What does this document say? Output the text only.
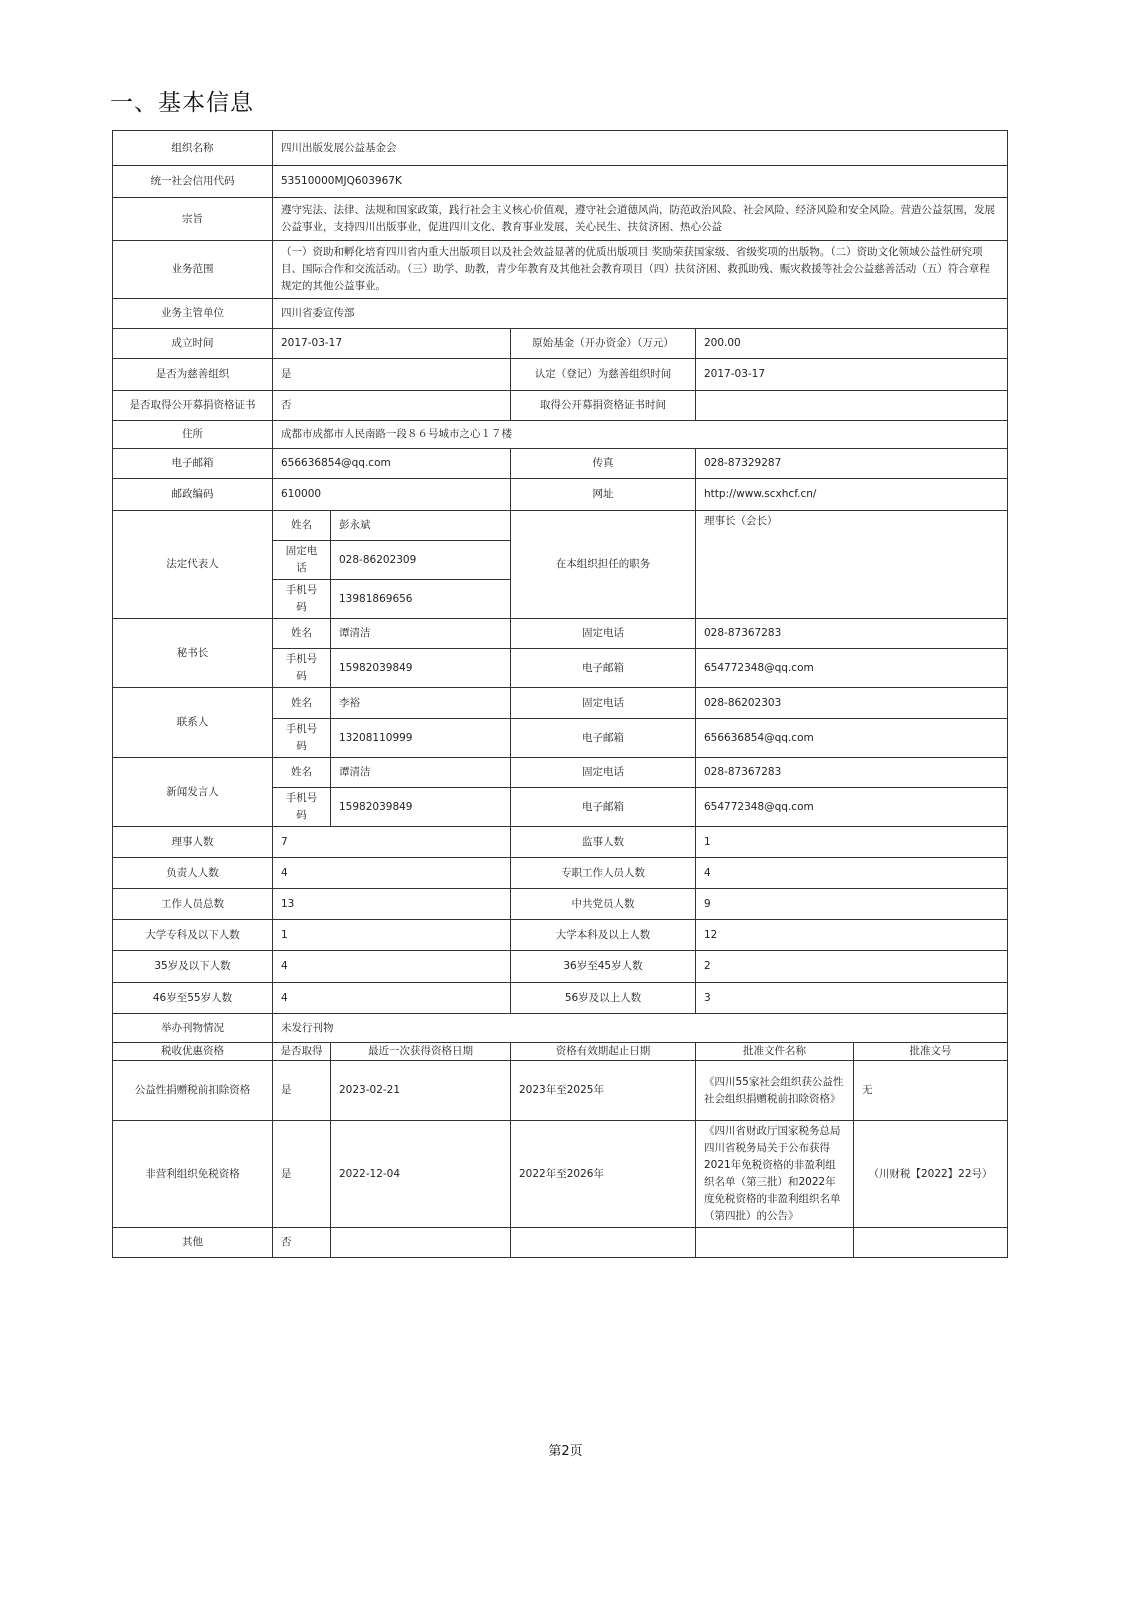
一、基本信息
组织名称	四川出版发展公益基金会				
统一社会信用代码	53510000MJQ603967K				
宗旨	遵守宪法、法律、法规和国家政策，践行社会主义核心价值观，遵守社会道德风尚，防范政治风险、社会风险、经济风险和安全风险。营造公益氛围，发展公益事业，支持四川出版事业，促进四川文化、教育事业发展，关心民生、扶贫济困、热心公益				
业务范围	（一）资助和孵化培育四川省内重大出版项目以及社会效益显著的优质出版项目 奖励荣获国家级、省级奖项的出版物。（二）资助文化领域公益性研究项目、国际合作和交流活动。（三）助学、助教，青少年教育及其他社会教育项目（四）扶贫济困、救孤助残、赈灾救援等社会公益慈善活动（五）符合章程规定的其他公益事业。				
业务主管单位	四川省委宣传部				
成立时间	2017-03-17		原始基金（开办资金）（万元）	200.00	
是否为慈善组织	是		认定（登记）为慈善组织时间	2017-03-17	
是否取得公开募捐资格证书	否		取得公开募捐资格证书时间		
住所	成都市成都市人民南路一段８６号城市之心１７楼				
电子邮箱	656636854@qq.com		传真	028-87329287	
邮政编码	610000		网址	http://www.scxhcf.cn/	
法定代表人	姓名	彭永斌	在本组织担任的职务	理事长（会长）	
	固定电话	028-86202309			
	手机号码	13981869656			
秘书长	姓名	谭清洁	固定电话	028-87367283	
	手机号码	15982039849	电子邮箱	654772348@qq.com	
联系人	姓名	李裕	固定电话	028-86202303	
	手机号码	13208110999	电子邮箱	656636854@qq.com	
新闻发言人	姓名	谭清洁	固定电话	028-87367283	
	手机号码	15982039849	电子邮箱	654772348@qq.com	
理事人数	7		监事人数	1	
负责人人数	4		专职工作人员人数	4	
工作人员总数	13		中共党员人数	9	
大学专科及以下人数	1		大学本科及以上人数	12	
35岁及以下人数	4		36岁至45岁人数	2	
46岁至55岁人数	4		56岁及以上人数	3	
举办刊物情况	未发行刊物				
税收优惠资格	是否取得	最近一次获得资格日期	资格有效期起止日期	批准文件名称	批准文号
公益性捐赠税前扣除资格	是	2023-02-21	2023年至2025年	《四川55家社会组织获公益性社会组织捐赠税前扣除资格》	无
非营利组织免税资格	是	2022-12-04	2022年至2026年	《四川省财政厅国家税务总局四川省税务局关于公布获得2021年免税资格的非盈利组织名单（第三批）和2022年度免税资格的非盈利组织名单（第四批）的公告》	（川财税【2022】22号）
其他	否				
第2页
